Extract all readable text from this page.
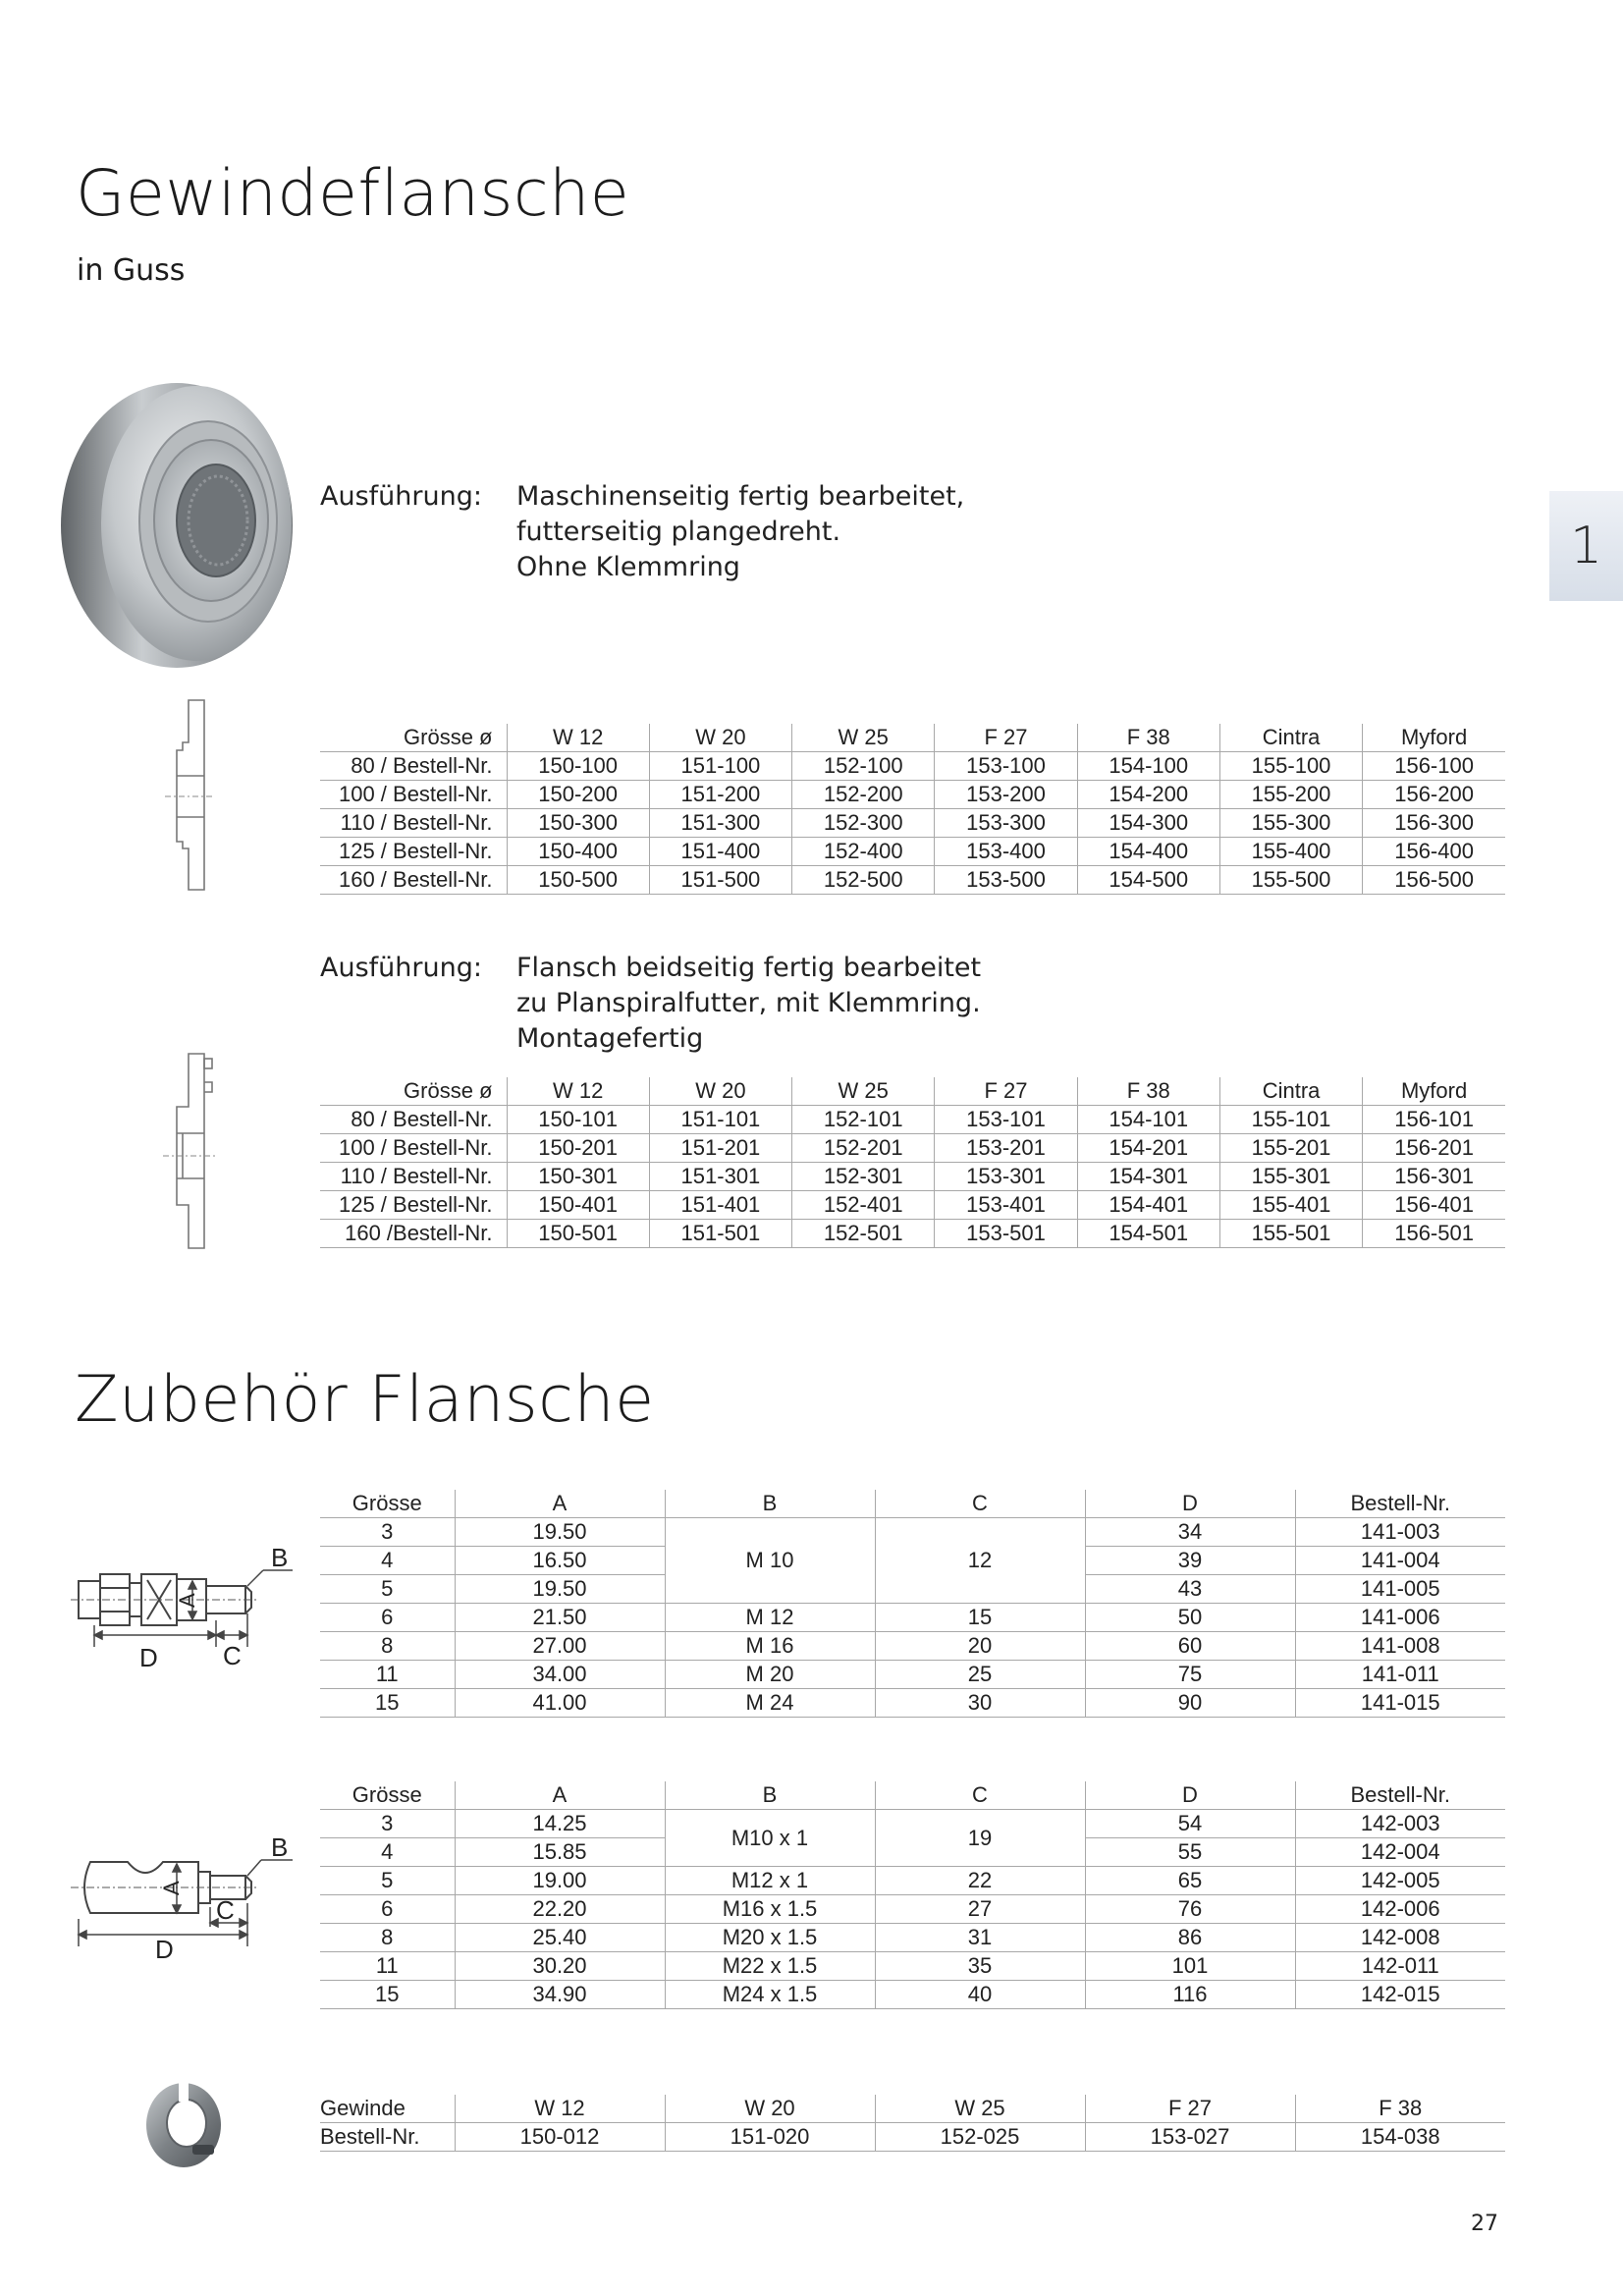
Gewindeflansche
in Guss
1
Ausführung:	Maschinenseitig fertig bearbeitet,
futterseitig plangedreht.
Ohne Klemmring
Grösse ø	W 12	W 20	W 25	F 27	F 38	Cintra	Myford
80 / Bestell-Nr.	150-100	151-100	152-100	153-100	154-100	155-100	156-100
100 / Bestell-Nr.	150-200	151-200	152-200	153-200	154-200	155-200	156-200
110 / Bestell-Nr.	150-300	151-300	152-300	153-300	154-300	155-300	156-300
125 / Bestell-Nr.	150-400	151-400	152-400	153-400	154-400	155-400	156-400
160 / Bestell-Nr.	150-500	151-500	152-500	153-500	154-500	155-500	156-500
Ausführung:	Flansch beidseitig fertig bearbeitet
zu Planspiralfutter, mit Klemmring.
Montagefertig
Grösse ø	W 12	W 20	W 25	F 27	F 38	Cintra	Myford
80 / Bestell-Nr.	150-101	151-101	152-101	153-101	154-101	155-101	156-101
100 / Bestell-Nr.	150-201	151-201	152-201	153-201	154-201	155-201	156-201
110 / Bestell-Nr.	150-301	151-301	152-301	153-301	154-301	155-301	156-301
125 / Bestell-Nr.	150-401	151-401	152-401	153-401	154-401	155-401	156-401
160 /Bestell-Nr.	150-501	151-501	152-501	153-501	154-501	155-501	156-501
Zubehör Flansche
B
A
D	C
Grösse	A	B	C	D	Bestell-Nr.
3	19.50	M 10	12	34	141-003
4	16.50			39	141-004
5	19.50			43	141-005
6	21.50	M 12	15	50	141-006
8	27.00	M 16	20	60	141-008
11	34.00	M 20	25	75	141-011
15	41.00	M 24	30	90	141-015
B
A
D
C
Grösse	A	B	C	D	Bestell-Nr.
3	14.25	M10 x 1	19	54	142-003
4	15.85			55	142-004
5	19.00	M12 x 1	22	65	142-005
6	22.20	M16 x 1.5	27	76	142-006
8	25.40	M20 x 1.5	31	86	142-008
11	30.20	M22 x 1.5	35	101	142-011
15	34.90	M24 x 1.5	40	116	142-015
Gewinde	W 12	W 20	W 25	F 27	F 38
Bestell-Nr.	150-012	151-020	152-025	153-027	154-038
27
